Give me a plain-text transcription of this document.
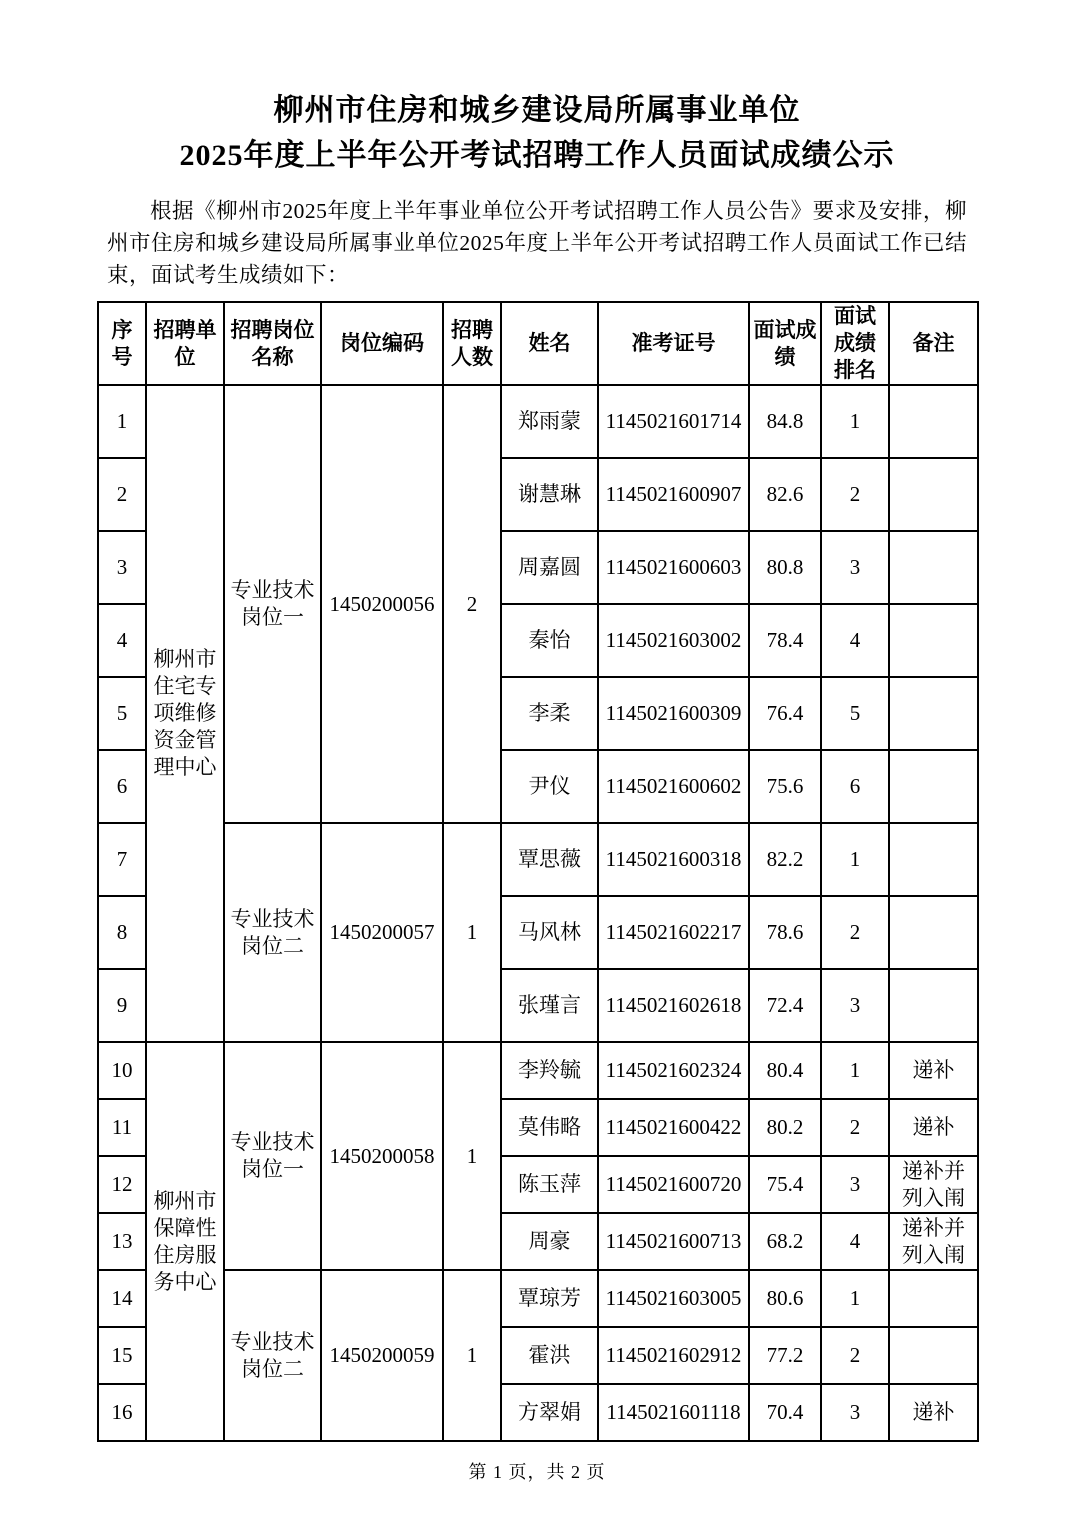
柳州市住房和城乡建设局所属事业单位
2025年度上半年公开考试招聘工作人员面试成绩公示

根据《柳州市2025年度上半年事业单位公开考试招聘工作人员公告》要求及安排，柳州市住房和城乡建设局所属事业单位2025年度上半年公开考试招聘工作人员面试工作已结束，面试考生成绩如下：

序号	招聘单位	招聘岗位名称	岗位编码	招聘人数	姓名	准考证号	面试成绩	面试成绩排名	备注
1	柳州市住宅专项维修资金管理中心	专业技术岗位一	1450200056	2	郑雨蒙	1145021601714	84.8	1	
2					谢慧琳	1145021600907	82.6	2	
3					周嘉圆	1145021600603	80.8	3	
4					秦怡	1145021603002	78.4	4	
5					李柔	1145021600309	76.4	5	
6					尹仪	1145021600602	75.6	6	
7		专业技术岗位二	1450200057	1	覃思薇	1145021600318	82.2	1	
8					马风林	1145021602217	78.6	2	
9					张瑾言	1145021602618	72.4	3	
10	柳州市保障性住房服务中心	专业技术岗位一	1450200058	1	李羚毓	1145021602324	80.4	1	递补
11					莫伟略	1145021600422	80.2	2	递补
12					陈玉萍	1145021600720	75.4	3	递补并列入闱
13					周豪	1145021600713	68.2	4	递补并列入闱
14		专业技术岗位二	1450200059	1	覃琼芳	1145021603005	80.6	1	
15					霍洪	1145021602912	77.2	2	
16					方翠娟	1145021601118	70.4	3	递补
第 1 页，共 2 页
